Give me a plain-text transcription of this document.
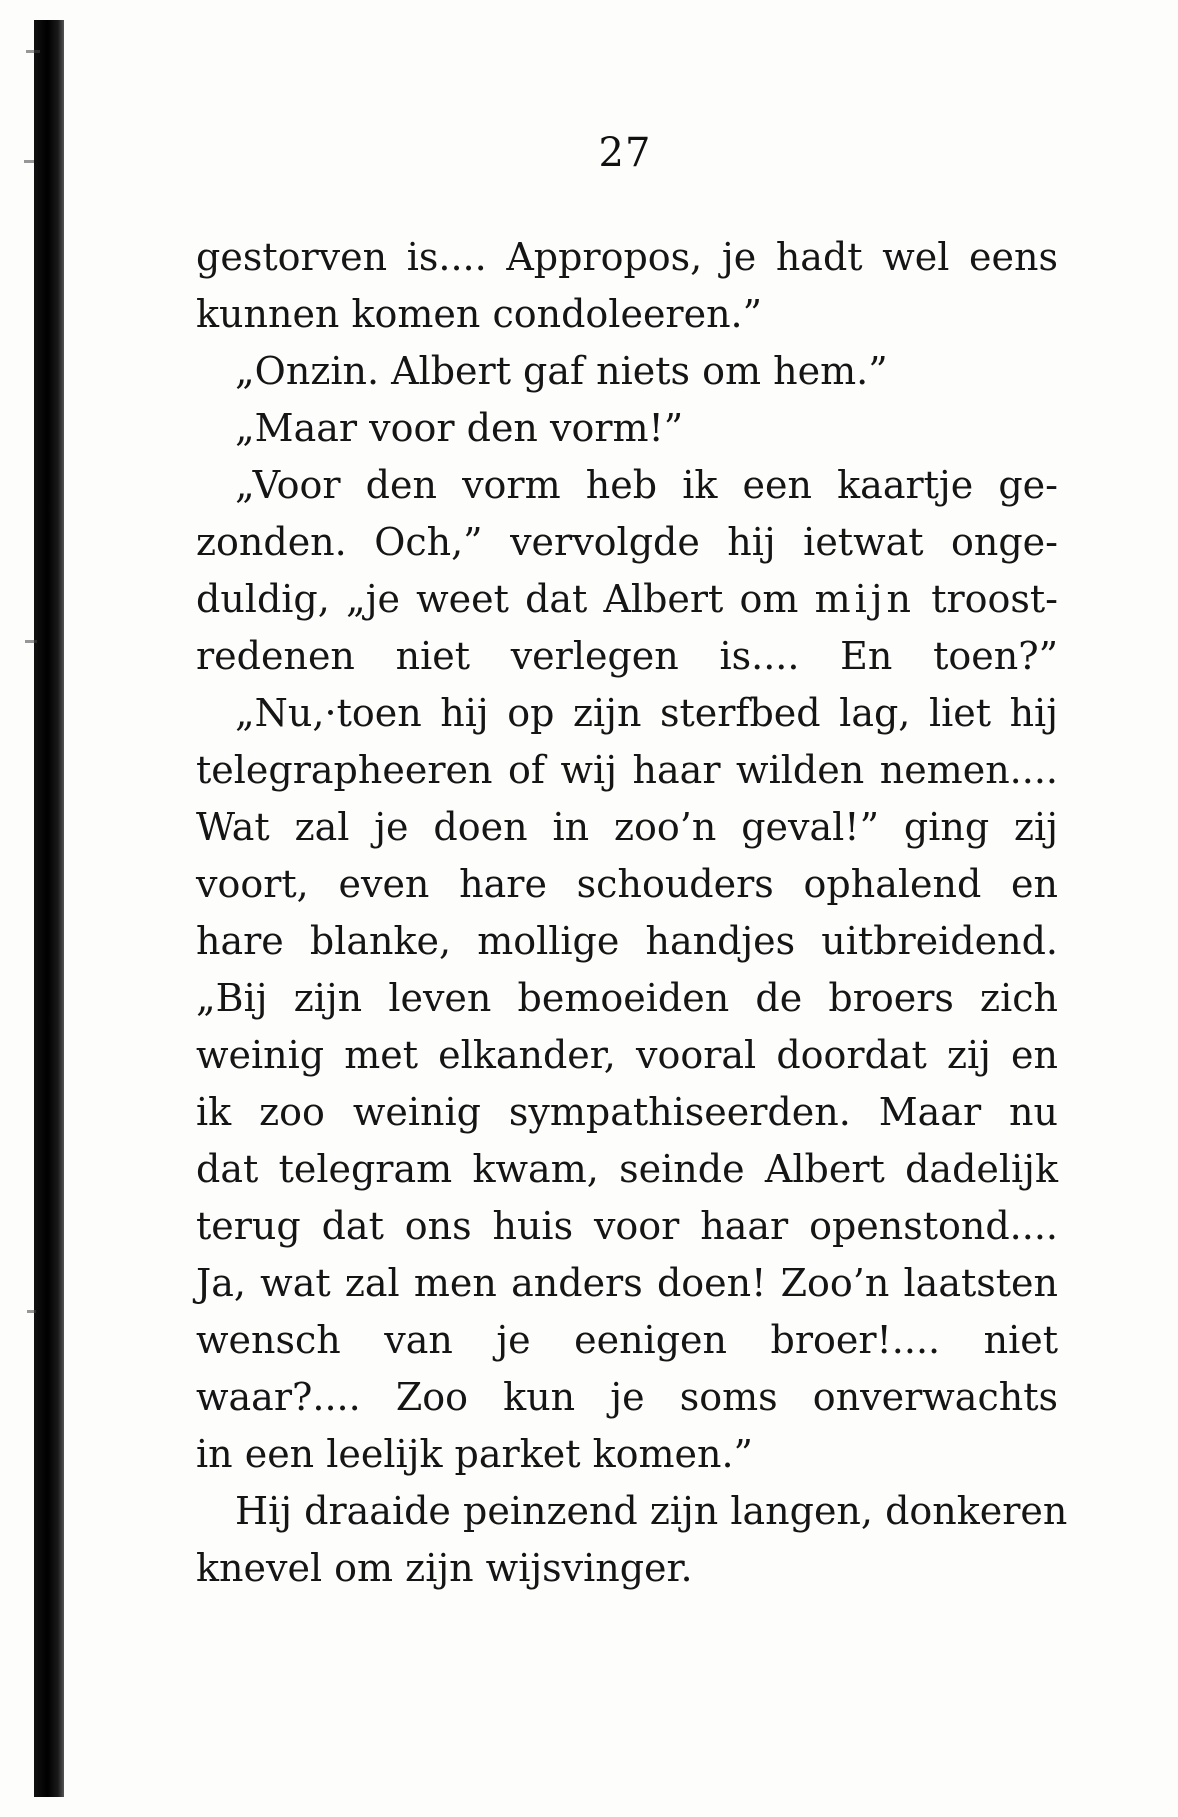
27
gestorven is.... Appropos, je hadt wel eens
kunnen komen condoleeren.”
„Onzin. Albert gaf niets om hem.”
„Maar voor den vorm!”
„Voor den vorm heb ik een kaartje ge-
zonden. Och,” vervolgde hij ietwat onge-
duldig, „je weet dat Albert om mijn troost-
redenen niet verlegen is.... En toen?”
„Nu,·toen hij op zijn sterfbed lag, liet hij
telegrapheeren of wij haar wilden nemen....
Wat zal je doen in zoo’n geval!” ging zij
voort, even hare schouders ophalend en
hare blanke, mollige handjes uitbreidend.
„Bij zijn leven bemoeiden de broers zich
weinig met elkander, vooral doordat zij en
ik zoo weinig sympathiseerden. Maar nu
dat telegram kwam, seinde Albert dadelijk
terug dat ons huis voor haar openstond....
Ja, wat zal men anders doen! Zoo’n laatsten
wensch van je eenigen broer!.... niet
waar?.... Zoo kun je soms onverwachts
in een leelijk parket komen.”
Hij draaide peinzend zijn langen, donkeren
knevel om zijn wijsvinger.
